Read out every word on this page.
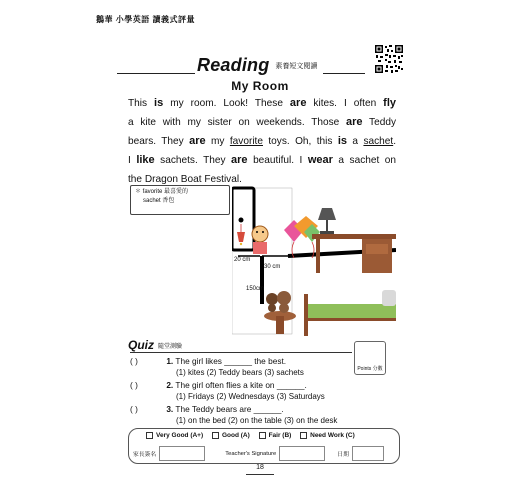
鵝華 小學英語 讀義式評量
Reading 素養短文閱讀
My Room
This is my room. Look! These are kites. I often fly
a kite with my sister on weekends. Those are Teddy
bears. They are my favorite toys. Oh, this is a sachet.
I like sachets. They are beautiful. I wear a sachet on
the Dragon Boat Festival.
＊ favorite 最喜愛的
sachet 香包
20 cm
30 cm
150cm
Quiz 隨堂測驗
Points 分數
( )	1. The girl likes ______ the best.
(1) kites (2) Teddy bears (3) sachets
( )	2. The girl often flies a kite on ______.
(1) Fridays (2) Wednesdays (3) Saturdays
( )	3. The Teddy bears are ______.
(1) on the bed (2) on the table (3) on the desk
Very Good (A+)
	Good (A)
	Fair (B)
	Need Work (C)
家長簽名	Teacher's Signature	日期
18
